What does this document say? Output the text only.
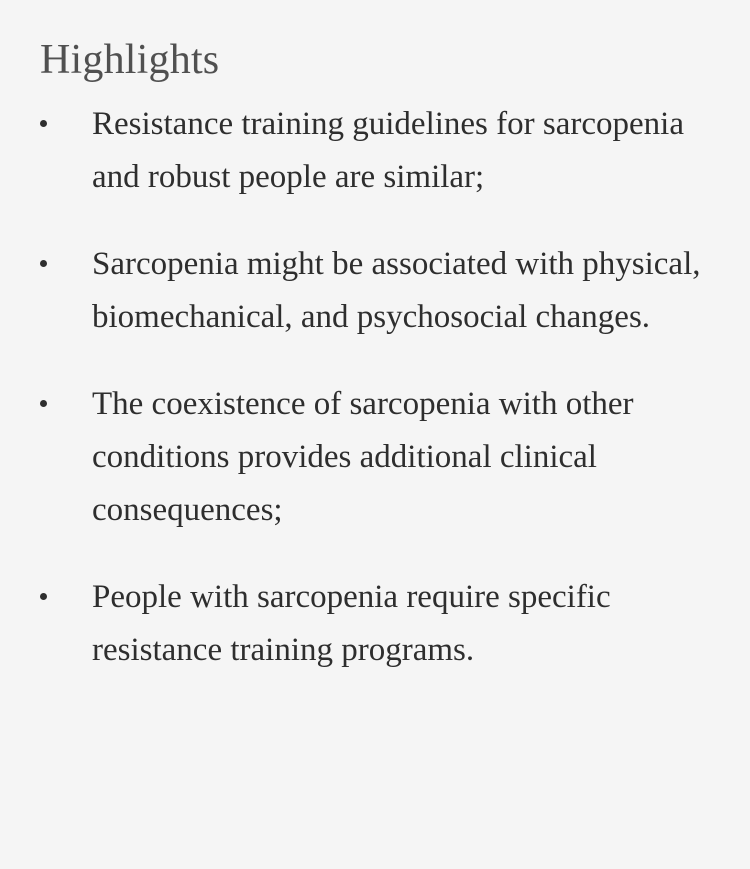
Highlights
Resistance training guidelines for sarcopenia and robust people are similar;
Sarcopenia might be associated with physical, biomechanical, and psychosocial changes.
The coexistence of sarcopenia with other conditions provides additional clinical consequences;
People with sarcopenia require specific resistance training programs.
